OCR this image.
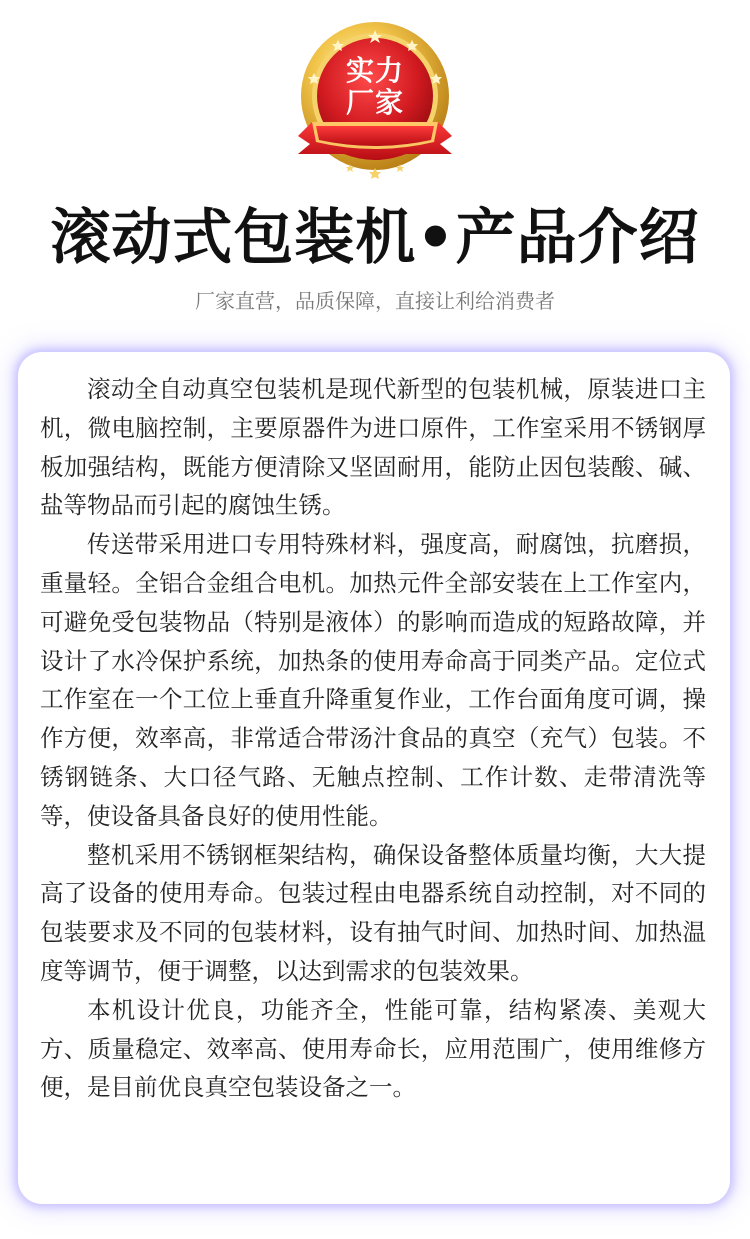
实力
厂家
滚动式包装机•产品介绍
厂家直营，品质保障，直接让利给消费者

滚动全自动真空包装机是现代新型的包装机械，原装进口主机，微电脑控制，主要原器件为进口原件，工作室采用不锈钢厚板加强结构，既能方便清除又坚固耐用，能防止因包装酸、碱、盐等物品而引起的腐蚀生锈。

传送带采用进口专用特殊材料，强度高，耐腐蚀，抗磨损，重量轻。全铝合金组合电机。加热元件全部安装在上工作室内，可避免受包装物品（特别是液体）的影响而造成的短路故障，并设计了水冷保护系统，加热条的使用寿命高于同类产品。定位式工作室在一个工位上垂直升降重复作业，工作台面角度可调，操作方便，效率高，非常适合带汤汁食品的真空（充气）包装。不锈钢链条、大口径气路、无触点控制、工作计数、走带清洗等等，使设备具备良好的使用性能。

整机采用不锈钢框架结构，确保设备整体质量均衡，大大提高了设备的使用寿命。包装过程由电器系统自动控制，对不同的包装要求及不同的包装材料，设有抽气时间、加热时间、加热温度等调节，便于调整，以达到需求的包装效果。

本机设计优良，功能齐全，性能可靠，结构紧凑、美观大方、质量稳定、效率高、使用寿命长，应用范围广，使用维修方便，是目前优良真空包装设备之一。
